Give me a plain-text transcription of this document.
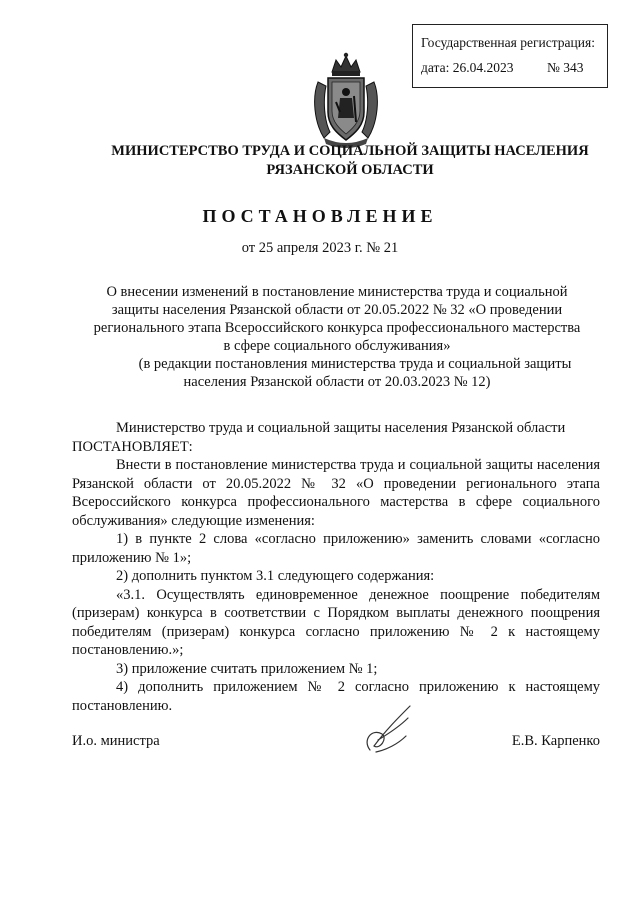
Государственная регистрация:
дата: 26.04.2023 № 343
МИНИСТЕРСТВО ТРУДА И СОЦИАЛЬНОЙ ЗАЩИТЫ НАСЕЛЕНИЯ
РЯЗАНСКОЙ ОБЛАСТИ
ПОСТАНОВЛЕНИЕ
от 25 апреля 2023 г. № 21
О внесении изменений в постановление министерства труда и социальной
защиты населения Рязанской области от 20.05.2022 № 32 «О проведении
регионального этапа Всероссийского конкурса профессионального мастерства
в сфере социального обслуживания»
(в редакции постановления министерства труда и социальной защиты
населения Рязанской области от 20.03.2023 № 12)

Министерство труда и социальной защиты населения Рязанской области

ПОСТАНОВЛЯЕТ:

Внести в постановление министерства труда и социальной защиты населения Рязанской области от 20.05.2022 № 32 «О проведении регионального этапа Всероссийского конкурса профессионального мастерства в сфере социального обслуживания» следующие изменения:

1) в пункте 2 слова «согласно приложению» заменить словами «согласно приложению № 1»;

2) дополнить пунктом 3.1 следующего содержания:

«3.1. Осуществлять единовременное денежное поощрение победителям (призерам) конкурса в соответствии с Порядком выплаты денежного поощрения победителям (призерам) конкурса согласно приложению № 2 к настоящему постановлению.»;

3) приложение считать приложением № 1;

4) дополнить приложением № 2 согласно приложению к настоящему постановлению.

И.о. министра	Е.В. Карпенко
